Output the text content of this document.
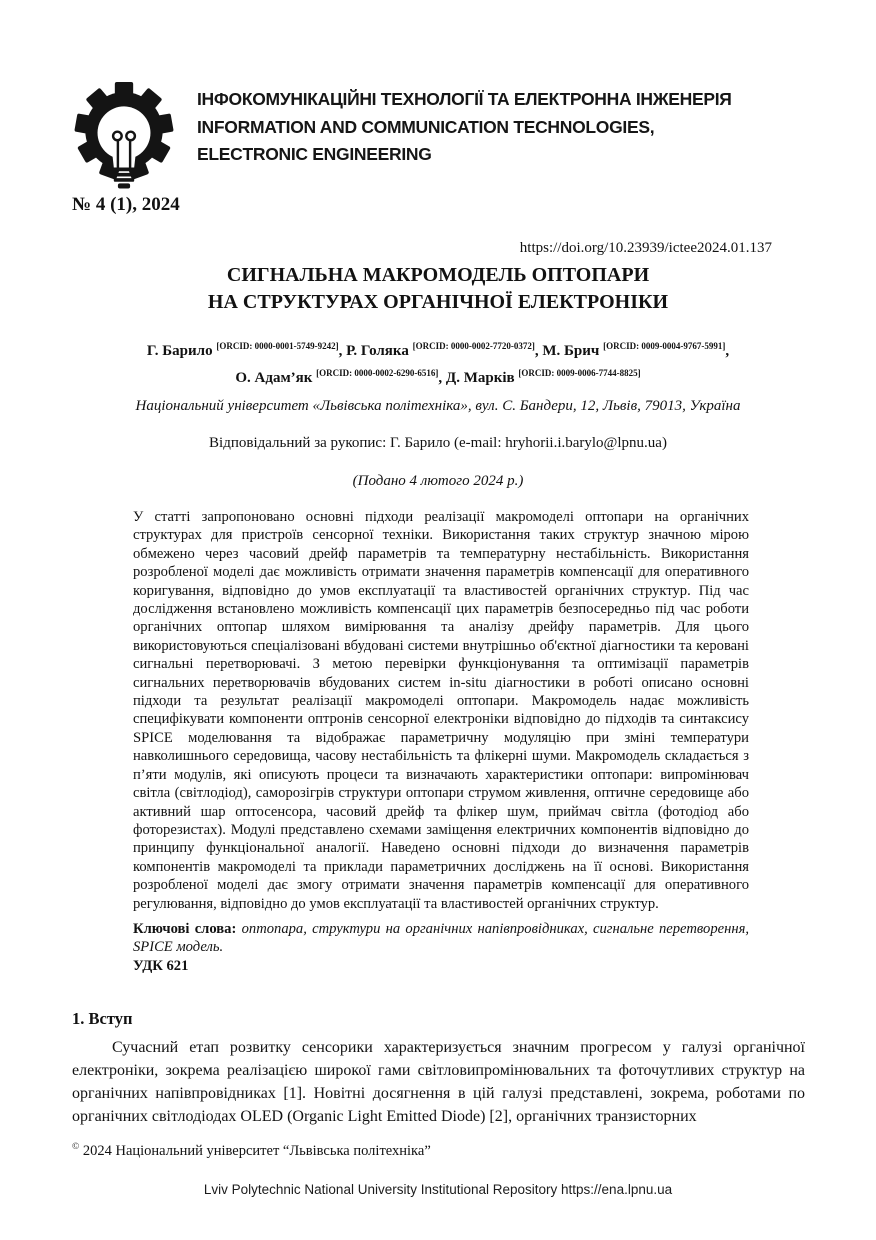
ІНФОКОМУНІКАЦІЙНІ ТЕХНОЛОГІЇ ТА ЕЛЕКТРОННА ІНЖЕНЕРІЯ
INFORMATION AND COMMUNICATION TECHNOLOGIES,
ELECTRONIC ENGINEERING
№ 4 (1), 2024
https://doi.org/10.23939/ictee2024.01.137
СИГНАЛЬНА МАКРОМОДЕЛЬ ОПТОПАРИ
НА СТРУКТУРАХ ОРГАНІЧНОЇ ЕЛЕКТРОНІКИ
Г. Барило [ORCID: 0000-0001-5749-9242], Р. Голяка [ORCID: 0000-0002-7720-0372], М. Брич [ORCID: 0009-0004-9767-5991],
О. Адам’як [ORCID: 0000-0002-6290-6516], Д. Марків [ORCID: 0009-0006-7744-8825]
Національний університет «Львівська політехніка», вул. С. Бандери, 12, Львів, 79013, Україна
Відповідальний за рукопис: Г. Барило (e-mail: hryhorii.i.barylo@lpnu.ua)
(Подано 4 лютого 2024 р.)

У статті запропоновано основні підходи реалізації макромоделі оптопари на органічних структурах для пристроїв сенсорної техніки. Використання таких структур значною мірою обмежено через часовий дрейф параметрів та температурну нестабільність. Використання розробленої моделі дає можливість отримати значення параметрів компенсації для оперативного коригування, відповідно до умов експлуатації та властивостей органічних структур. Під час дослідження встановлено можливість компенсації цих параметрів безпосередньо під час роботи органічних оптопар шляхом вимірювання та аналізу дрейфу параметрів. Для цього використовуються спеціалізовані вбудовані системи внутрішньо об'єктної діагностики та керовані сигнальні перетворювачі. З метою перевірки функціонування та оптимізації параметрів сигнальних перетворювачів вбудованих систем in-situ діагностики в роботі описано основні підходи та результат реалізації макромоделі оптопари. Макромодель надає можливість специфікувати компоненти оптронів сенсорної електроніки відповідно до підходів та синтаксису SPICE моделювання та відображає параметричну модуляцію при зміні температури навколишнього середовища, часову нестабільність та флікерні шуми. Макромодель складається з п’яти модулів, які описують процеси та визначають характеристики оптопари: випромінювач світла (світлодіод), саморозігрів структури оптопари струмом живлення, оптичне середовище або активний шар оптосенсора, часовий дрейф та флікер шум, приймач світла (фотодіод або фоторезистах). Модулі представлено схемами заміщення електричних компонентів відповідно до принципу функціональної аналогії. Наведено основні підходи до визначення параметрів компонентів макромоделі та приклади параметричних досліджень на її основі. Використання розробленої моделі дає змогу отримати значення параметрів компенсації для оперативного регулювання, відповідно до умов експлуатації та властивостей органічних структур.

Ключові слова: оптопара, структури на органічних напівпровідниках, сигнальне перетворення, SPICE модель.

УДК 621

1. Вступ

Сучасний етап розвитку сенсорики характеризується значним прогресом у галузі органічної електроніки, зокрема реалізацією широкої гами світловипромінювальних та фоточутливих структур на органічних напівпровідниках [1]. Новітні досягнення в цій галузі представлені, зокрема, роботами по органічних світлодіодах OLED (Organic Light Emitted Diode) [2], органічних транзисторних

© 2024 Національний університет “Львівська політехніка”
Lviv Polytechnic National University Institutional Repository https://ena.lpnu.ua
